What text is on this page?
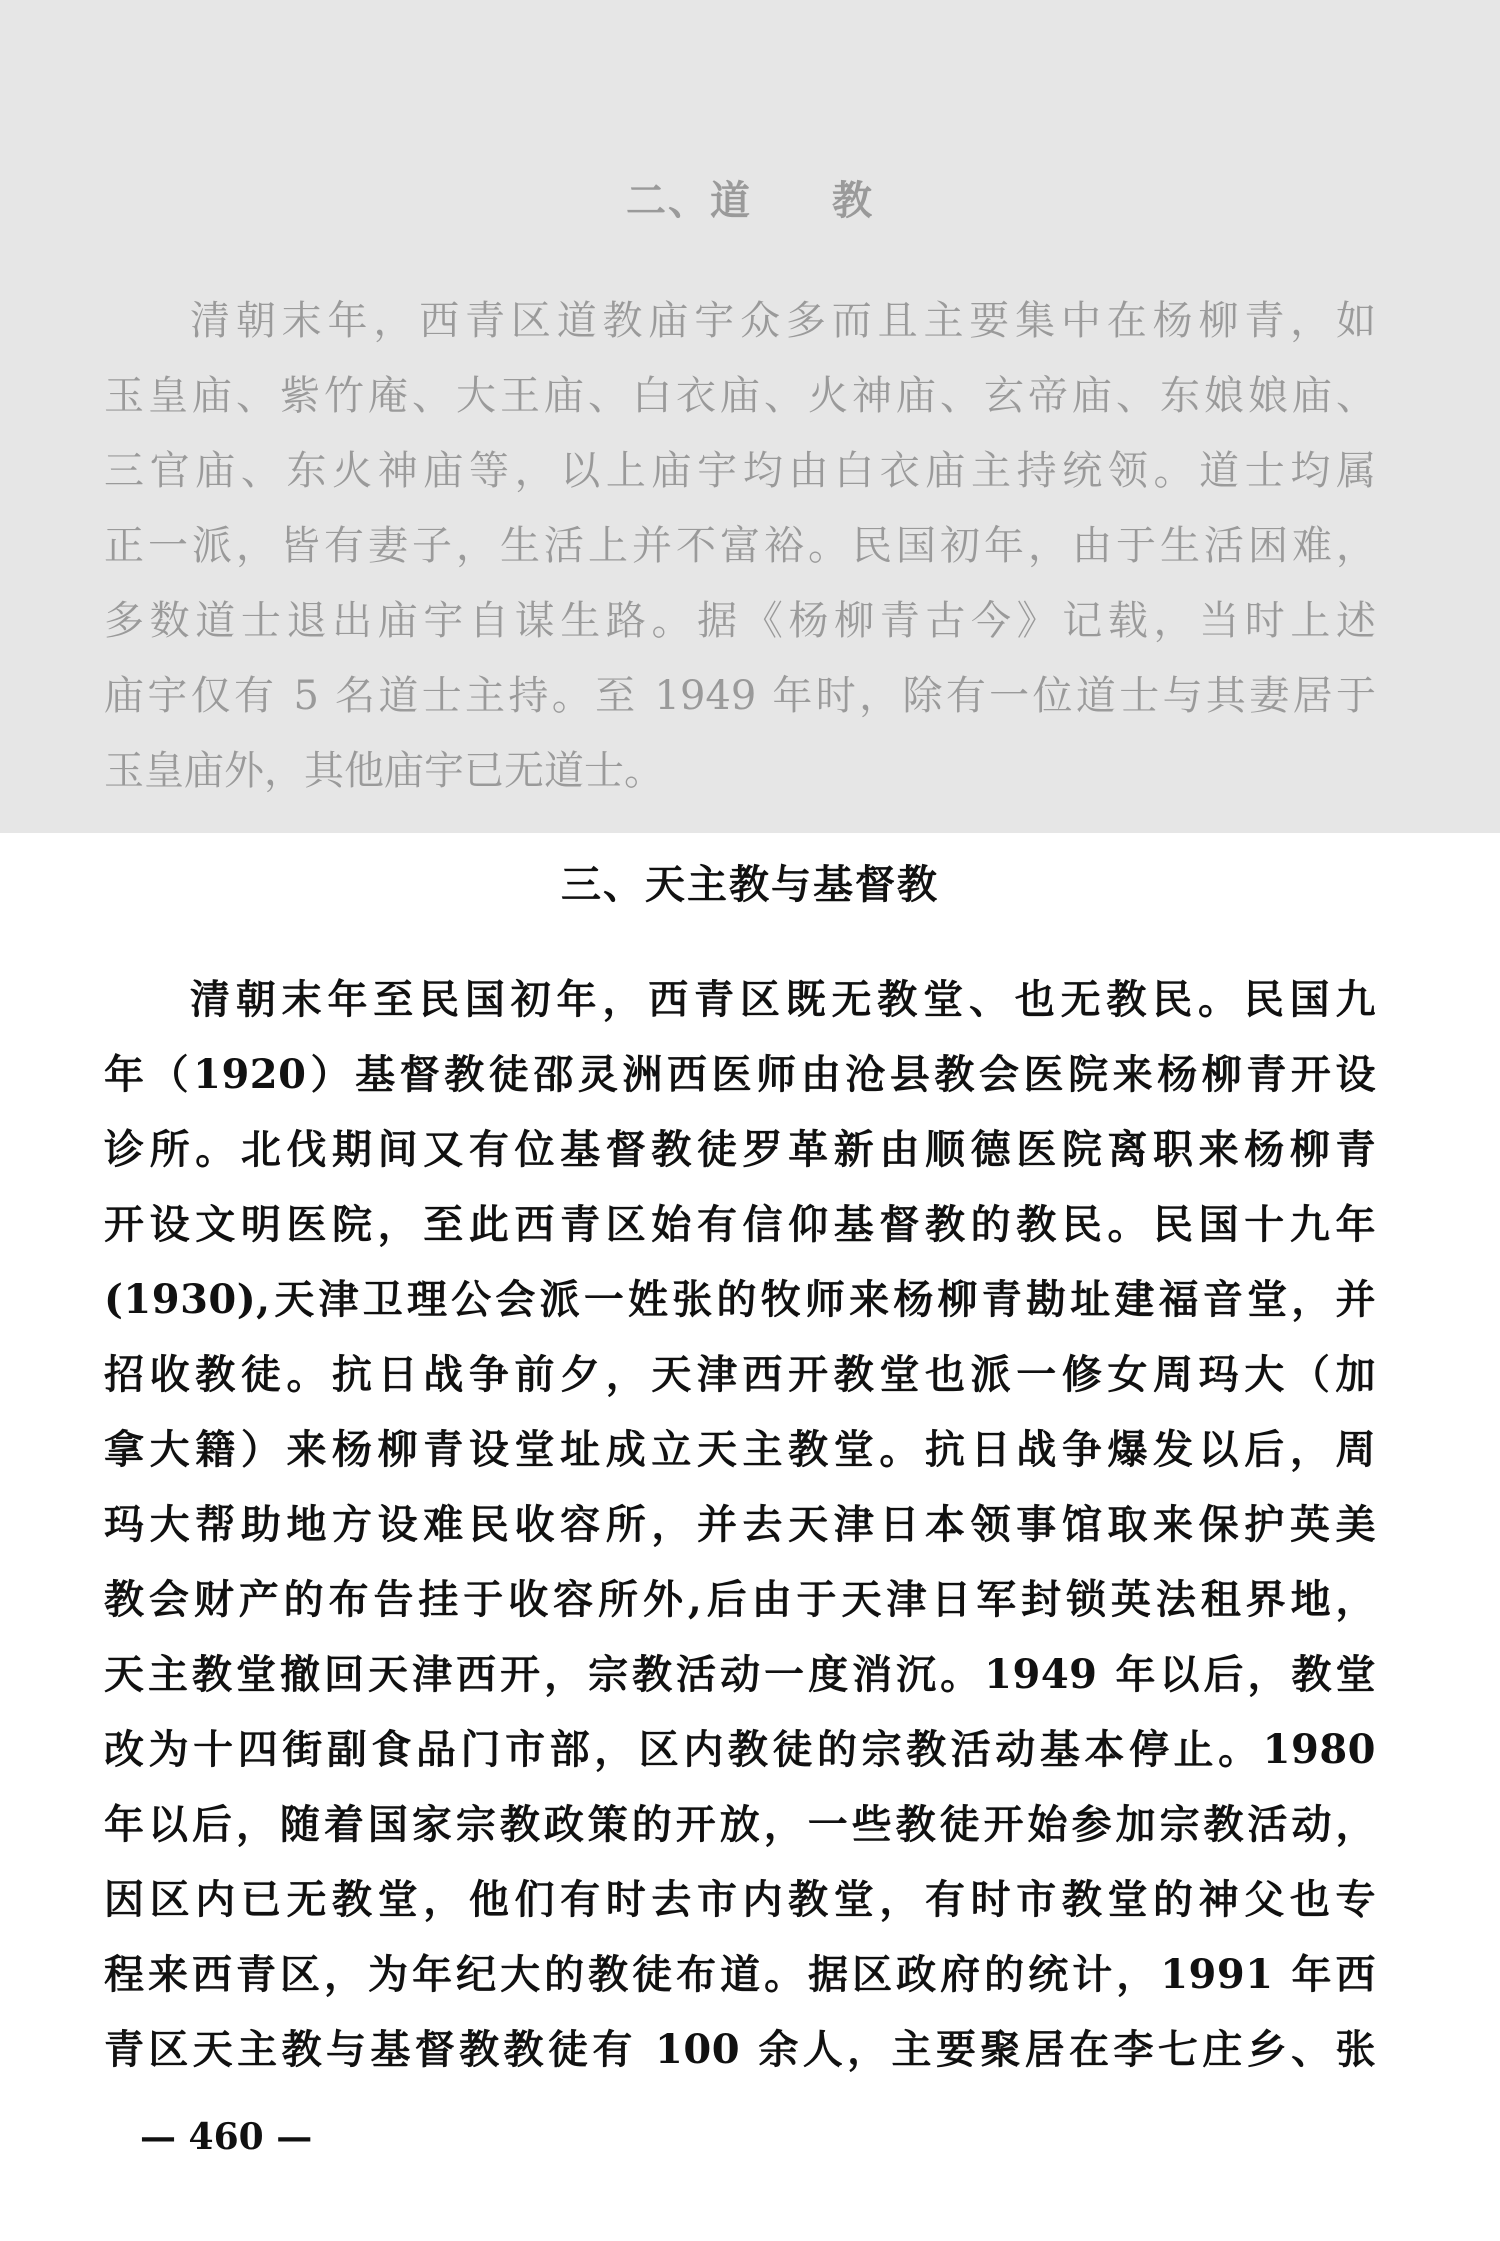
二、道 教
清朝末年，西青区道教庙宇众多而且主要集中在杨柳青，如
玉皇庙、紫竹庵、大王庙、白衣庙、火神庙、玄帝庙、东娘娘庙、
三官庙、东火神庙等，以上庙宇均由白衣庙主持统领。道士均属
正一派，皆有妻子，生活上并不富裕。民国初年，由于生活困难，
多数道士退出庙宇自谋生路。据《杨柳青古今》记载，当时上述
庙宇仅有 5 名道士主持。至 1949 年时，除有一位道士与其妻居于
玉皇庙外，其他庙宇已无道士。
三、天主教与基督教
清朝末年至民国初年，西青区既无教堂、也无教民。民国九
年（1920）基督教徒邵灵洲西医师由沧县教会医院来杨柳青开设
诊所。北伐期间又有位基督教徒罗革新由顺德医院离职来杨柳青
开设文明医院，至此西青区始有信仰基督教的教民。民国十九年
(1930),天津卫理公会派一姓张的牧师来杨柳青勘址建福音堂，并
招收教徒。抗日战争前夕，天津西开教堂也派一修女周玛大（加
拿大籍）来杨柳青设堂址成立天主教堂。抗日战争爆发以后，周
玛大帮助地方设难民收容所，并去天津日本领事馆取来保护英美
教会财产的布告挂于收容所外,后由于天津日军封锁英法租界地，
天主教堂撤回天津西开，宗教活动一度消沉。1949 年以后，教堂
改为十四街副食品门市部，区内教徒的宗教活动基本停止。1980
年以后，随着国家宗教政策的开放，一些教徒开始参加宗教活动，
因区内已无教堂，他们有时去市内教堂，有时市教堂的神父也专
程来西青区，为年纪大的教徒布道。据区政府的统计，1991 年西
青区天主教与基督教教徒有 100 余人，主要聚居在李七庄乡、张
— 460 —
